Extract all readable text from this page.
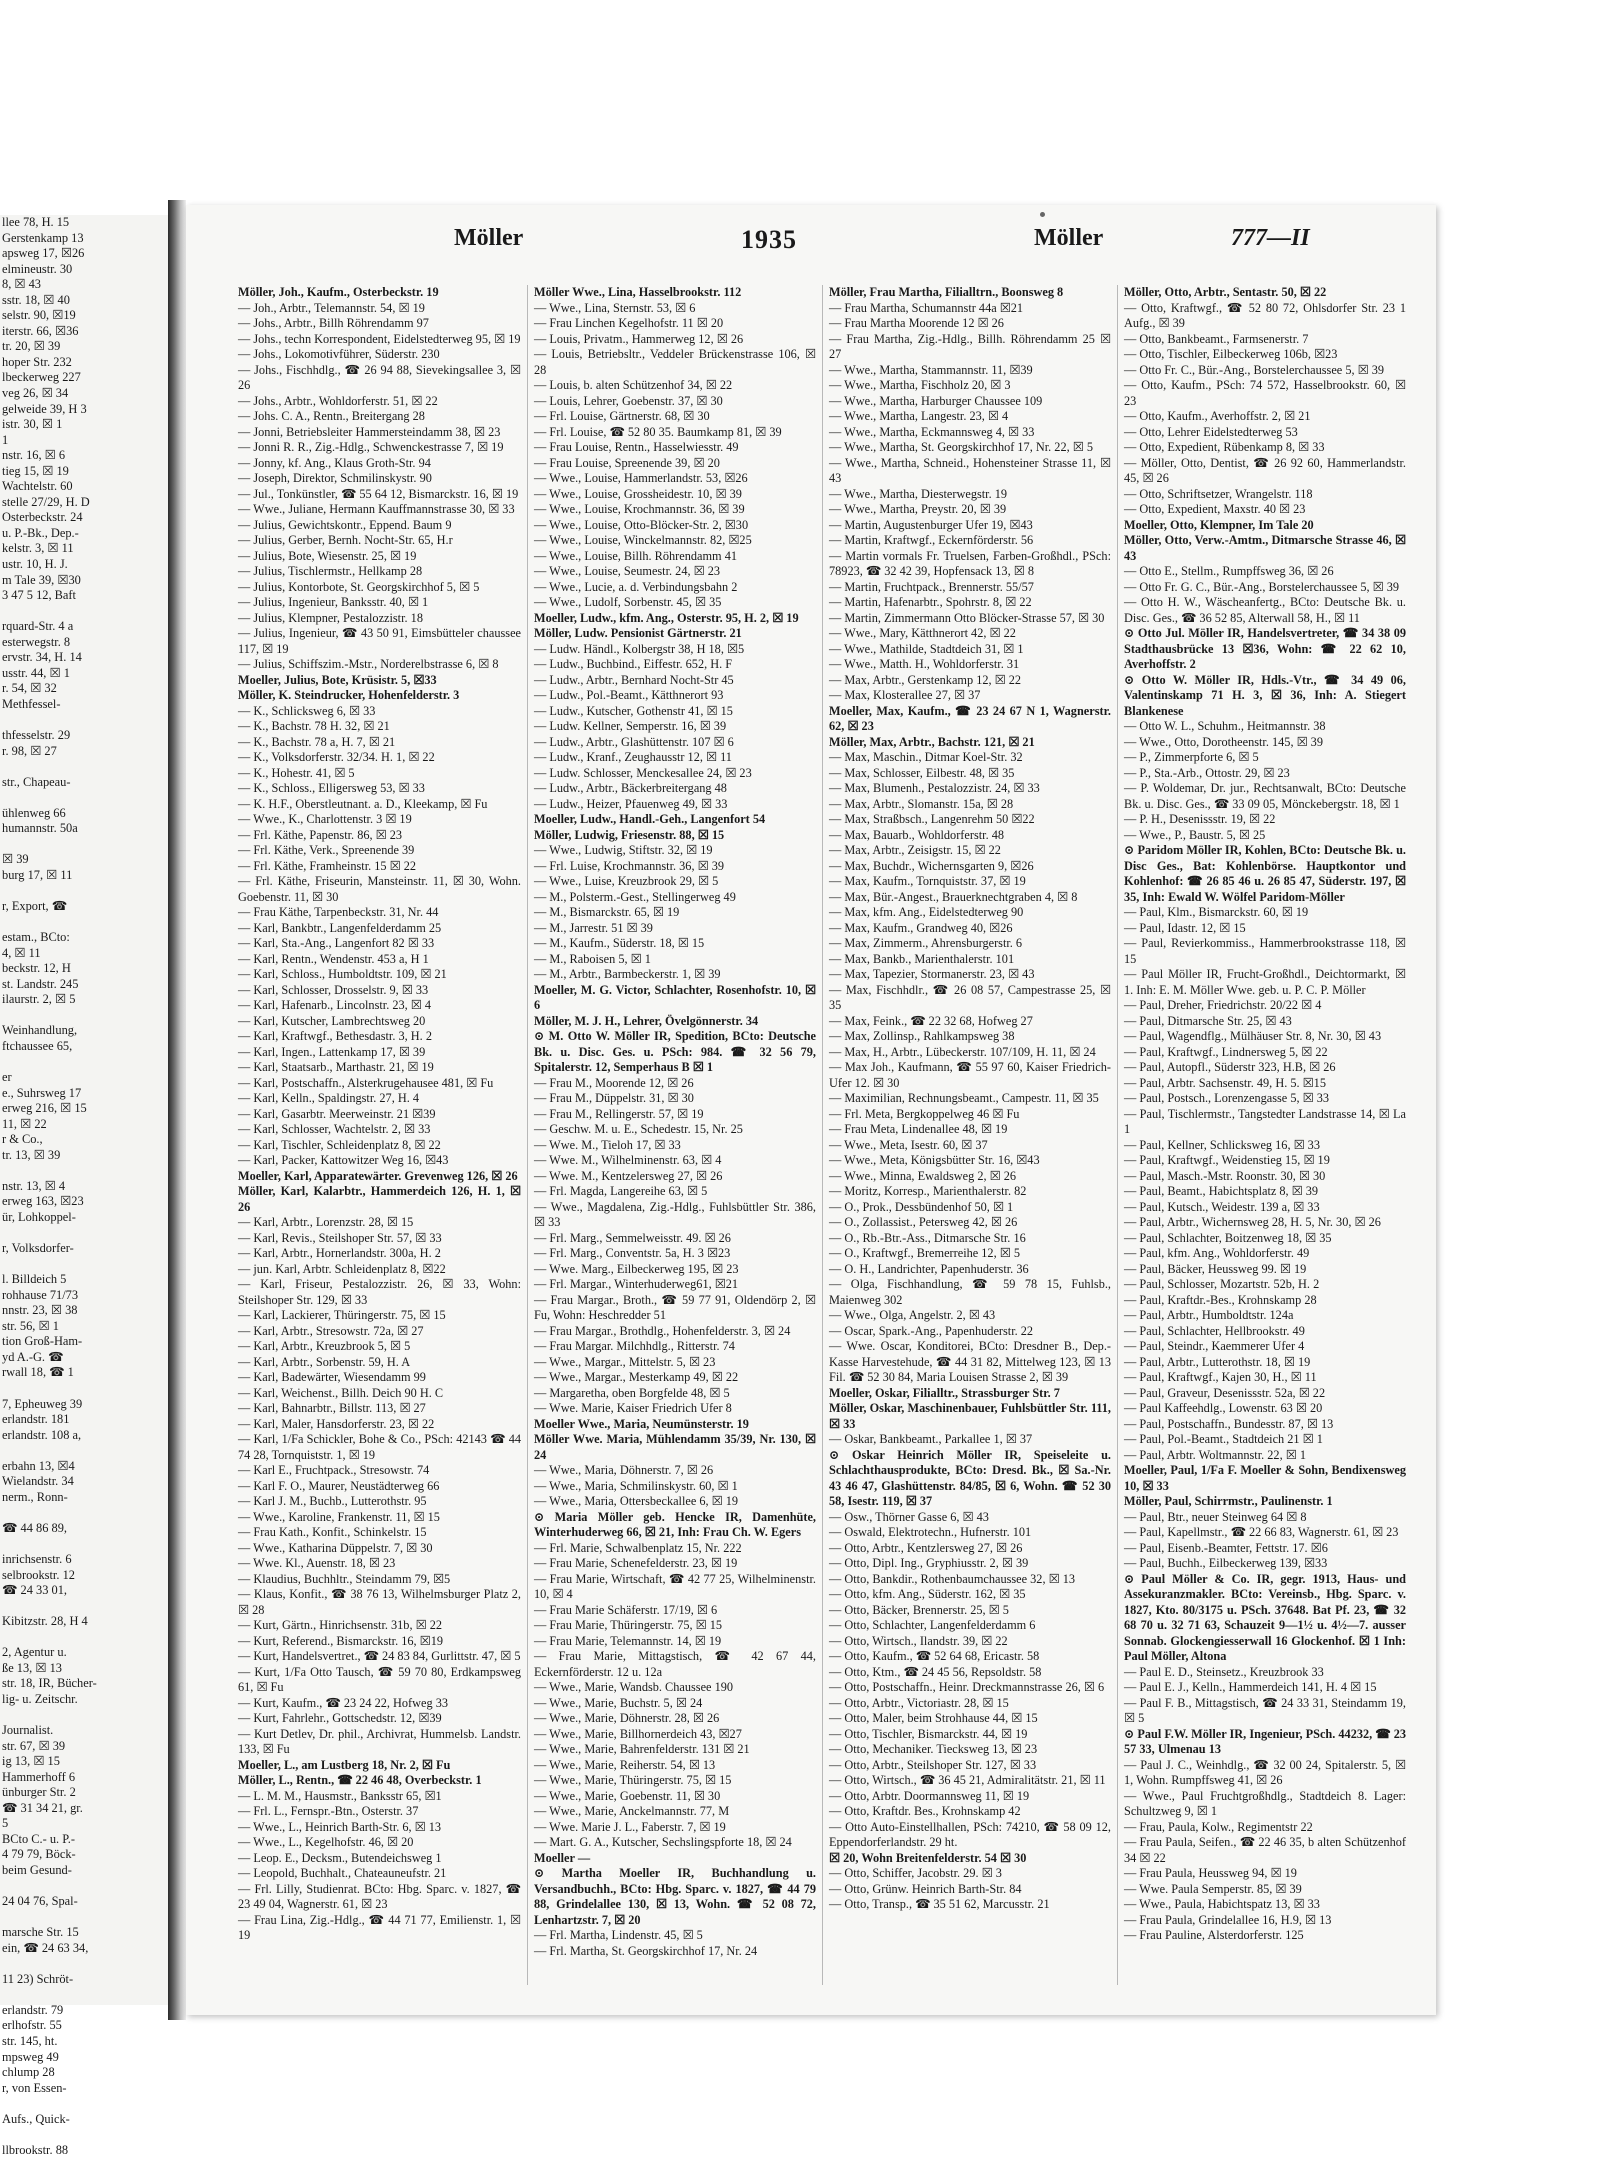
llee 78, H. 15
Gerstenkamp 13
apsweg 17, ☒26
elmineustr. 30
8, ☒ 43
sstr. 18, ☒ 40
selstr. 90, ☒19
iterstr. 66, ☒36
tr. 20, ☒ 39
hoper Str. 232
lbeckerweg 227
veg 26, ☒ 34
gelweide 39, H 3
istr. 30, ☒ 1
1
nstr. 16, ☒ 6
tieg 15, ☒ 19
Wachtelstr. 60
stelle 27/29, H. D
Osterbeckstr. 24
u. P.-Bk., Dep.-
kelstr. 3, ☒ 11
ustr. 10, H. J.
m Tale 39, ☒30
3 47 5 12, Baft

rquard-Str. 4 a
esterwegstr. 8
ervstr. 34, H. 14
usstr. 44, ☒ 1
r. 54, ☒ 32
Methfessel-

thfesselstr. 29
r. 98, ☒ 27

str., Chapeau-

ühlenweg 66
humannstr. 50a

☒ 39
burg 17, ☒ 11

r, Export, ☎

estam., BCto:
4, ☒ 11
beckstr. 12, H
st. Landstr. 245
ilaurstr. 2, ☒ 5

Weinhandlung,
ftchaussee 65,

er
e., Suhrsweg 17
erweg 216, ☒ 15
11, ☒ 22
r & Co.,
tr. 13, ☒ 39

nstr. 13, ☒ 4
erweg 163, ☒23
ür, Lohkoppel-

r, Volksdorfer-

l. Billdeich 5
rohhause 71/73
nnstr. 23, ☒ 38
str. 56, ☒ 1
tion Groß-Ham-
yd A.-G. ☎
rwall 18, ☎ 1

7, Epheuweg 39
erlandstr. 181
erlandstr. 108 a,

erbahn 13, ☒4
Wielandstr. 34
nerm., Ronn-

☎ 44 86 89,

inrichsenstr. 6
selbrookstr. 12
☎ 24 33 01,

Kibitzstr. 28, H 4

2, Agentur u.
ße 13, ☒ 13
str. 18, IR, Bücher-
lig- u. Zeitschr.

Journalist.
str. 67, ☒ 39
ig 13, ☒ 15
Hammerhoff 6
ünburger Str. 2
☎ 31 34 21, gr.
5
BCto C.- u. P.-
4 79 79, Böck-
beim Gesund-

24 04 76, Spal-

marsche Str. 15
ein, ☎ 24 63 34,

11 23) Schröt-

erlandstr. 79
erlhofstr. 55
str. 145, ht.
mpsweg 49
chlump 28
r, von Essen-

Aufs., Quick-

llbrookstr. 88
Möller	1935	Möller	777—II
Möller, Joh., Kaufm., Osterbeckstr. 19
— Joh., Arbtr., Telemannstr. 54, ☒ 19
— Johs., Arbtr., Billh Röhrendamm 97
— Johs., techn Korrespondent, Eidelstedterweg 95, ☒ 19
— Johs., Lokomotivführer, Süderstr. 230
— Johs., Fischhdlg., ☎ 26 94 88, Sievekingsallee 3, ☒ 26
— Johs., Arbtr., Wohldorferstr. 51, ☒ 22
— Johs. C. A., Rentn., Breitergang 28
— Jonni, Betriebsleiter Hammersteindamm 38, ☒ 23
— Jonni R. R., Zig.-Hdlg., Schwenckestrasse 7, ☒ 19
— Jonny, kf. Ang., Klaus Groth-Str. 94
— Joseph, Direktor, Schmilinskystr. 90
— Jul., Tonkünstler, ☎ 55 64 12, Bismarckstr. 16, ☒ 19
— Wwe., Juliane, Hermann Kauffmannstrasse 30, ☒ 33
— Julius, Gewichtskontr., Eppend. Baum 9
— Julius, Gerber, Bernh. Nocht-Str. 65, H.r
— Julius, Bote, Wiesenstr. 25, ☒ 19
— Julius, Tischlermstr., Hellkamp 28
— Julius, Kontorbote, St. Georgskirchhof 5, ☒ 5
— Julius, Ingenieur, Banksstr. 40, ☒ 1
— Julius, Klempner, Pestalozzistr. 18
— Julius, Ingenieur, ☎ 43 50 91, Eimsbütteler chaussee 117, ☒ 19
— Julius, Schiffszim.-Mstr., Norderelbstrasse 6, ☒ 8
Moeller, Julius, Bote, Krüsistr. 5, ☒33
Möller, K. Steindrucker, Hohenfelderstr. 3
— K., Schlicksweg 6, ☒ 33
— K., Bachstr. 78 H. 32, ☒ 21
— K., Bachstr. 78 a, H. 7, ☒ 21
— K., Volksdorferstr. 32/34. H. 1, ☒ 22
— K., Hohestr. 41, ☒ 5
— K., Schloss., Elligersweg 53, ☒ 33
— K. H.F., Oberstleutnant. a. D., Kleekamp, ☒ Fu
— Wwe., K., Charlottenstr. 3 ☒ 19
— Frl. Käthe, Papenstr. 86, ☒ 23
— Frl. Käthe, Verk., Spreenende 39
— Frl. Käthe, Framheinstr. 15 ☒ 22
— Frl. Käthe, Friseurin, Mansteinstr. 11, ☒ 30, Wohn. Goebenstr. 11, ☒ 30
— Frau Käthe, Tarpenbeckstr. 31, Nr. 44
— Karl, Bankbtr., Langenfelderdamm 25
— Karl, Sta.-Ang., Langenfort 82 ☒ 33
— Karl, Rentn., Wendenstr. 453 a, H 1
— Karl, Schloss., Humboldtstr. 109, ☒ 21
— Karl, Schlosser, Drosselstr. 9, ☒ 33
— Karl, Hafenarb., Lincolnstr. 23, ☒ 4
— Karl, Kutscher, Lambrechtsweg 20
— Karl, Kraftwgf., Bethesdastr. 3, H. 2
— Karl, Ingen., Lattenkamp 17, ☒ 39
— Karl, Staatsarb., Marthastr. 21, ☒ 19
— Karl, Postschaffn., Alsterkrugehausee 481, ☒ Fu
— Karl, Kelln., Spaldingstr. 27, H. 4
— Karl, Gasarbtr. Meerweinstr. 21 ☒39
— Karl, Schlosser, Wachtelstr. 2, ☒ 33
— Karl, Tischler, Schleidenplatz 8, ☒ 22
— Karl, Packer, Kattowitzer Weg 16, ☒43
Moeller, Karl, Apparatewärter. Grevenweg 126, ☒ 26
Möller, Karl, Kalarbtr., Hammerdeich 126, H. 1, ☒ 26
— Karl, Arbtr., Lorenzstr. 28, ☒ 15
— Karl, Revis., Steilshoper Str. 57, ☒ 33
— Karl, Arbtr., Hornerlandstr. 300a, H. 2
— jun. Karl, Arbtr. Schleidenplatz 8, ☒22
— Karl, Friseur, Pestalozzistr. 26, ☒ 33, Wohn: Steilshoper Str. 129, ☒ 33
— Karl, Lackierer, Thüringerstr. 75, ☒ 15
— Karl, Arbtr., Stresowstr. 72a, ☒ 27
— Karl, Arbtr., Kreuzbrook 5, ☒ 5
— Karl, Arbtr., Sorbenstr. 59, H. A
— Karl, Badewärter, Wiesendamm 99
— Karl, Weichenst., Billh. Deich 90 H. C
— Karl, Bahnarbtr., Billstr. 113, ☒ 27
— Karl, Maler, Hansdorferstr. 23, ☒ 22
— Karl, 1/Fa Schickler, Bohe & Co., PSch: 42143 ☎ 44 74 28, Tornquiststr. 1, ☒ 19
— Karl E., Fruchtpack., Stresowstr. 74
— Karl F. O., Maurer, Neustädterweg 66
— Karl J. M., Buchb., Lutterothstr. 95
— Wwe., Karoline, Frankenstr. 11, ☒ 15
— Frau Kath., Konfit., Schinkelstr. 15
— Wwe., Katharina Düppelstr. 7, ☒ 30
— Wwe. Kl., Auenstr. 18, ☒ 23
— Klaudius, Buchhltr., Steindamm 79, ☒5
— Klaus, Konfit., ☎ 38 76 13, Wilhelmsburger Platz 2, ☒ 28
— Kurt, Gärtn., Hinrichsenstr. 31b, ☒ 22
— Kurt, Referend., Bismarckstr. 16, ☒19
— Kurt, Handelsvertret., ☎ 24 83 84, Gurlittstr. 47, ☒ 5
— Kurt, 1/Fa Otto Tausch, ☎ 59 70 80, Erdkampsweg 61, ☒ Fu
— Kurt, Kaufm., ☎ 23 24 22, Hofweg 33
— Kurt, Fahrlehr., Gottschedstr. 12, ☒39
— Kurt Detlev, Dr. phil., Archivrat, Hummelsb. Landstr. 133, ☒ Fu
Moeller, L., am Lustberg 18, Nr. 2, ☒ Fu
Möller, L., Rentn., ☎ 22 46 48, Overbeckstr. 1
— L. M. M., Hausmstr., Banksstr 65, ☒1
— Frl. L., Fernspr.-Btn., Osterstr. 37
— Wwe., L., Heinrich Barth-Str. 6, ☒ 13
— Wwe., L., Kegelhofstr. 46, ☒ 20
— Leop. E., Decksm., Butendeichsweg 1
— Leopold, Buchhalt., Chateauneufstr. 21
— Frl. Lilly, Studienrat. BCto: Hbg. Sparc. v. 1827, ☎ 23 49 04, Wagnerstr. 61, ☒ 23
— Frau Lina, Zig.-Hdlg., ☎ 44 71 77, Emilienstr. 1, ☒ 19
Möller Wwe., Lina, Hasselbrookstr. 112
— Wwe., Lina, Sternstr. 53, ☒ 6
— Frau Linchen Kegelhofstr. 11 ☒ 20
— Louis, Privatm., Hammerweg 12, ☒ 26
— Louis, Betriebsltr., Veddeler Brückenstrasse 106, ☒ 28
— Louis, b. alten Schützenhof 34, ☒ 22
— Louis, Lehrer, Goebenstr. 37, ☒ 30
— Frl. Louise, Gärtnerstr. 68, ☒ 30
— Frl. Louise, ☎ 52 80 35. Baumkamp 81, ☒ 39
— Frau Louise, Rentn., Hasselwiesstr. 49
— Frau Louise, Spreenende 39, ☒ 20
— Wwe., Louise, Hammerlandstr. 53, ☒26
— Wwe., Louise, Grossheidestr. 10, ☒ 39
— Wwe., Louise, Krochmannstr. 36, ☒ 39
— Wwe., Louise, Otto-Blöcker-Str. 2, ☒30
— Wwe., Louise, Winckelmannstr. 82, ☒25
— Wwe., Louise, Billh. Röhrendamm 41
— Wwe., Louise, Seumestr. 24, ☒ 23
— Wwe., Lucie, a. d. Verbindungsbahn 2
— Wwe., Ludolf, Sorbenstr. 45, ☒ 35
Moeller, Ludw., kfm. Ang., Osterstr. 95, H. 2, ☒ 19
Möller, Ludw. Pensionist Gärtnerstr. 21
— Ludw. Händl., Kolbergstr 38, H 18, ☒5
— Ludw., Buchbind., Eiffestr. 652, H. F
— Ludw., Arbtr., Bernhard Nocht-Str 45
— Ludw., Pol.-Beamt., Kätthnerort 93
— Ludw., Kutscher, Gothenstr 41, ☒ 15
— Ludw. Kellner, Semperstr. 16, ☒ 39
— Ludw., Arbtr., Glashüttenstr. 107 ☒ 6
— Ludw., Kranf., Zeughausstr 12, ☒ 11
— Ludw. Schlosser, Menckesallee 24, ☒ 23
— Ludw., Arbtr., Bäckerbreitergang 48
— Ludw., Heizer, Pfauenweg 49, ☒ 33
Moeller, Ludw., Handl.-Geh., Langenfort 54
Möller, Ludwig, Friesenstr. 88, ☒ 15
— Wwe., Ludwig, Stiftstr. 32, ☒ 19
— Frl. Luise, Krochmannstr. 36, ☒ 39
— Wwe., Luise, Kreuzbrook 29, ☒ 5
— M., Polsterm.-Gest., Stellingerweg 49
— M., Bismarckstr. 65, ☒ 19
— M., Jarrestr. 51 ☒ 39
— M., Kaufm., Süderstr. 18, ☒ 15
— M., Raboisen 5, ☒ 1
— M., Arbtr., Barmbeckerstr. 1, ☒ 39
Moeller, M. G. Victor, Schlachter, Rosenhofstr. 10, ☒ 6
Möller, M. J. H., Lehrer, Övelgönnerstr. 34
⊙ M. Otto W. Möller IR, Spedition, BCto: Deutsche Bk. u. Disc. Ges. u. PSch: 984. ☎ 32 56 79, Spitalerstr. 12, Semperhaus B ☒ 1
— Frau M., Moorende 12, ☒ 26
— Frau M., Düppelstr. 31, ☒ 30
— Frau M., Rellingerstr. 57, ☒ 19
— Geschw. M. u. E., Schedestr. 15, Nr. 25
— Wwe. M., Tieloh 17, ☒ 33
— Wwe. M., Wilhelminenstr. 63, ☒ 4
— Wwe. M., Kentzelersweg 27, ☒ 26
— Frl. Magda, Langereihe 63, ☒ 5
— Wwe., Magdalena, Zig.-Hdlg., Fuhlsbüttler Str. 386, ☒ 33
— Frl. Marg., Semmelweisstr. 49. ☒ 26
— Frl. Marg., Conventstr. 5a, H. 3 ☒23
— Wwe. Marg., Eilbeckerweg 195, ☒ 23
— Frl. Margar., Winterhuderweg61, ☒21
— Frau Margar., Broth., ☎ 59 77 91, Oldendörp 2, ☒ Fu, Wohn: Heschredder 51
— Frau Margar., Brothdlg., Hohenfelderstr. 3, ☒ 24
— Frau Margar. Milchhdlg., Ritterstr. 74
— Wwe., Margar., Mittelstr. 5, ☒ 23
— Wwe., Margar., Mesterkamp 49, ☒ 22
— Margaretha, oben Borgfelde 48, ☒ 5
— Wwe. Marie, Kaiser Friedrich Ufer 8
Moeller Wwe., Maria, Neumünsterstr. 19
Möller Wwe. Maria, Mühlendamm 35/39, Nr. 130, ☒ 24
— Wwe., Maria, Döhnerstr. 7, ☒ 26
— Wwe., Maria, Schmilinskystr. 60, ☒ 1
— Wwe., Maria, Ottersbeckallee 6, ☒ 19
⊙ Maria Möller geb. Hencke IR, Damenhüte, Winterhuderweg 66, ☒ 21, Inh: Frau Ch. W. Egers
— Frl. Marie, Schwalbenplatz 15, Nr. 222
— Frau Marie, Schenefelderstr. 23, ☒ 19
— Frau Marie, Wirtschaft, ☎ 42 77 25, Wilhelminenstr. 10, ☒ 4
— Frau Marie Schäferstr. 17/19, ☒ 6
— Frau Marie, Thüringerstr. 75, ☒ 15
— Frau Marie, Telemannstr. 14, ☒ 19
— Frau Marie, Mittagstisch, ☎ 42 67 44, Eckernförderstr. 12 u. 12a
— Wwe., Marie, Wandsb. Chaussee 190
— Wwe., Marie, Buchstr. 5, ☒ 24
— Wwe., Marie, Döhnerstr. 28, ☒ 26
— Wwe., Marie, Billhornerdeich 43, ☒27
— Wwe., Marie, Bahrenfelderstr. 131 ☒ 21
— Wwe., Marie, Reiherstr. 54, ☒ 13
— Wwe., Marie, Thüringerstr. 75, ☒ 15
— Wwe., Marie, Goebenstr. 11, ☒ 30
— Wwe., Marie, Anckelmannstr. 77, M
— Wwe. Marie J. L., Faberstr. 7, ☒ 19
— Mart. G. A., Kutscher, Sechslingspforte 18, ☒ 24
Moeller —
⊙ Martha Moeller IR, Buchhandlung u. Versandbuchh., BCto: Hbg. Sparc. v. 1827, ☎ 44 79 88, Grindelallee 130, ☒ 13, Wohn. ☎ 52 08 72, Lenhartzstr. 7, ☒ 20
— Frl. Martha, Lindenstr. 45, ☒ 5
— Frl. Martha, St. Georgskirchhof 17, Nr. 24
Möller, Frau Martha, Filialltrn., Boonsweg 8
— Frau Martha, Schumannstr 44a ☒21
— Frau Martha Moorende 12 ☒ 26
— Frau Martha, Zig.-Hdlg., Billh. Röhrendamm 25 ☒ 27
— Wwe., Martha, Stammannstr. 11, ☒39
— Wwe., Martha, Fischholz 20, ☒ 3
— Wwe., Martha, Harburger Chaussee 109
— Wwe., Martha, Langestr. 23, ☒ 4
— Wwe., Martha, Eckmannsweg 4, ☒ 33
— Wwe., Martha, St. Georgskirchhof 17, Nr. 22, ☒ 5
— Wwe., Martha, Schneid., Hohensteiner Strasse 11, ☒ 43
— Wwe., Martha, Diesterwegstr. 19
— Wwe., Martha, Preystr. 20, ☒ 39
— Martin, Augustenburger Ufer 19, ☒43
— Martin, Kraftwgf., Eckernförderstr. 56
— Martin vormals Fr. Truelsen, Farben-Großhdl., PSch: 78923, ☎ 32 42 39, Hopfensack 13, ☒ 8
— Martin, Fruchtpack., Brennerstr. 55/57
— Martin, Hafenarbtr., Spohrstr. 8, ☒ 22
— Martin, Zimmermann Otto Blöcker-Strasse 57, ☒ 30
— Wwe., Mary, Kätthnerort 42, ☒ 22
— Wwe., Mathilde, Stadtdeich 31, ☒ 1
— Wwe., Matth. H., Wohldorferstr. 31
— Max, Arbtr., Gerstenkamp 12, ☒ 22
— Max, Klosterallee 27, ☒ 37
Moeller, Max, Kaufm., ☎ 23 24 67 N 1, Wagnerstr. 62, ☒ 23
Möller, Max, Arbtr., Bachstr. 121, ☒ 21
— Max, Maschin., Ditmar Koel-Str. 32
— Max, Schlosser, Eilbestr. 48, ☒ 35
— Max, Blumenh., Pestalozzistr. 24, ☒ 33
— Max, Arbtr., Slomanstr. 15a, ☒ 28
— Max, Straßbsch., Langenrehm 50 ☒22
— Max, Bauarb., Wohldorferstr. 48
— Max, Arbtr., Zeisigstr. 15, ☒ 22
— Max, Buchdr., Wichernsgarten 9, ☒26
— Max, Kaufm., Tornquiststr. 37, ☒ 19
— Max, Bür.-Angest., Brauerknechtgraben 4, ☒ 8
— Max, kfm. Ang., Eidelstedterweg 90
— Max, Kaufm., Grandweg 40, ☒26
— Max, Zimmerm., Ahrensburgerstr. 6
— Max, Bankb., Marienthalerstr. 101
— Max, Tapezier, Stormanerstr. 23, ☒ 43
— Max, Fischhdlr., ☎ 26 08 57, Campestrasse 25, ☒ 35
— Max, Feink., ☎ 22 32 68, Hofweg 27
— Max, Zollinsp., Rahlkampsweg 38
— Max, H., Arbtr., Lübeckerstr. 107/109, H. 11, ☒ 24
— Max Joh., Kaufmann, ☎ 55 97 60, Kaiser Friedrich-Ufer 12. ☒ 30
— Maximilian, Rechnungsbeamt., Campestr. 11, ☒ 35
— Frl. Meta, Bergkoppelweg 46 ☒ Fu
— Frau Meta, Lindenallee 48, ☒ 19
— Wwe., Meta, Isestr. 60, ☒ 37
— Wwe., Meta, Königsbütter Str. 16, ☒43
— Wwe., Minna, Ewaldsweg 2, ☒ 26
— Moritz, Korresp., Marienthalerstr. 82
— O., Prok., Dessbündenhof 50, ☒ 1
— O., Zollassist., Petersweg 42, ☒ 26
— O., Rb.-Btr.-Ass., Ditmarsche Str. 16
— O., Kraftwgf., Bremerreihe 12, ☒ 5
— O. H., Landrichter, Papenhuderstr. 36
— Olga, Fischhandlung, ☎ 59 78 15, Fuhlsb., Maienweg 302
— Wwe., Olga, Angelstr. 2, ☒ 43
— Oscar, Spark.-Ang., Papenhuderstr. 22
— Wwe. Oscar, Konditorei, BCto: Dresdner B., Dep.-Kasse Harvestehude, ☎ 44 31 82, Mittelweg 123, ☒ 13 Fil. ☎ 52 30 84, Maria Louisen Strasse 2, ☒ 39
Moeller, Oskar, Filialltr., Strassburger Str. 7
Möller, Oskar, Maschinenbauer, Fuhlsbüttler Str. 111, ☒ 33
— Oskar, Bankbeamt., Parkallee 1, ☒ 37
⊙ Oskar Heinrich Möller IR, Speiseleite u. Schlachthausprodukte, BCto: Dresd. Bk., ☒ Sa.-Nr. 43 46 47, Glashüttenstr. 84/85, ☒ 6, Wohn. ☎ 52 30 58, Isestr. 119, ☒ 37
— Osw., Thörner Gasse 6, ☒ 43
— Oswald, Elektrotechn., Hufnerstr. 101
— Otto, Arbtr., Kentzlersweg 27, ☒ 26
— Otto, Dipl. Ing., Gryphiusstr. 2, ☒ 39
— Otto, Bankdir., Rothenbaumchaussee 32, ☒ 13
— Otto, kfm. Ang., Süderstr. 162, ☒ 35
— Otto, Bäcker, Brennerstr. 25, ☒ 5
— Otto, Schlachter, Langenfelderdamm 6
— Otto, Wirtsch., Ilandstr. 39, ☒ 22
— Otto, Kaufm., ☎ 52 64 68, Ericastr. 58
— Otto, Ktm., ☎ 24 45 56, Repsoldstr. 58
— Otto, Postschaffn., Heinr. Dreckmannstrasse 26, ☒ 6
— Otto, Arbtr., Victoriastr. 28, ☒ 15
— Otto, Maler, beim Strohhause 44, ☒ 15
— Otto, Tischler, Bismarckstr. 44, ☒ 19
— Otto, Mechaniker. Tiecksweg 13, ☒ 23
— Otto, Arbtr., Steilshoper Str. 127, ☒ 33
— Otto, Wirtsch., ☎ 36 45 21, Admiralitätstr. 21, ☒ 11
— Otto, Arbtr. Doormannsweg 11, ☒ 19
— Otto, Kraftdr. Bes., Krohnskamp 42
— Otto Auto-Einstellhallen, PSch: 74210, ☎ 58 09 12, Eppendorferlandstr. 29 ht.
☒ 20, Wohn Breitenfelderstr. 54 ☒ 30
— Otto, Schiffer, Jacobstr. 29. ☒ 3
— Otto, Grünw. Heinrich Barth-Str. 84
— Otto, Transp., ☎ 35 51 62, Marcusstr. 21
Möller, Otto, Arbtr., Sentastr. 50, ☒ 22
— Otto, Kraftwgf., ☎ 52 80 72, Ohlsdorfer Str. 23 1 Aufg., ☒ 39
— Otto, Bankbeamt., Farmsenerstr. 7
— Otto, Tischler, Eilbeckerweg 106b, ☒23
— Otto Fr. C., Bür.-Ang., Borstelerchaussee 5, ☒ 39
— Otto, Kaufm., PSch: 74 572, Hasselbrookstr. 60, ☒ 23
— Otto, Kaufm., Averhoffstr. 2, ☒ 21
— Otto, Lehrer Eidelstedterweg 53
— Otto, Expedient, Rübenkamp 8, ☒ 33
— Möller, Otto, Dentist, ☎ 26 92 60, Hammerlandstr. 45, ☒ 26
— Otto, Schriftsetzer, Wrangelstr. 118
— Otto, Expedient, Maxstr. 40 ☒ 23
Moeller, Otto, Klempner, Im Tale 20
Möller, Otto, Verw.-Amtm., Ditmarsche Strasse 46, ☒ 43
— Otto E., Stellm., Rumpffsweg 36, ☒ 26
— Otto Fr. G. C., Bür.-Ang., Borstelerchaussee 5, ☒ 39
— Otto H. W., Wäscheanfertg., BCto: Deutsche Bk. u. Disc. Ges., ☎ 36 52 85, Alterwall 58, H., ☒ 11
⊙ Otto Jul. Möller IR, Handelsvertreter, ☎ 34 38 09 Stadthausbrücke 13 ☒36, Wohn: ☎ 22 62 10, Averhoffstr. 2
⊙ Otto W. Möller IR, Hdls.-Vtr., ☎ 34 49 06, Valentinskamp 71 H. 3, ☒ 36, Inh: A. Stiegert Blankenese
— Otto W. L., Schuhm., Heitmannstr. 38
— Wwe., Otto, Dorotheenstr. 145, ☒ 39
— P., Zimmerpforte 6, ☒ 5
— P., Sta.-Arb., Ottostr. 29, ☒ 23
— P. Woldemar, Dr. jur., Rechtsanwalt, BCto: Deutsche Bk. u. Disc. Ges., ☎ 33 09 05, Mönckebergstr. 18, ☒ 1
— P. H., Desenissstr. 19, ☒ 22
— Wwe., P., Baustr. 5, ☒ 25
⊙ Paridom Möller IR, Kohlen, BCto: Deutsche Bk. u. Disc Ges., Bat: Kohlenbörse. Hauptkontor und Kohlenhof: ☎ 26 85 46 u. 26 85 47, Süderstr. 197, ☒ 35, Inh: Ewald W. Wölfel Paridom-Möller
— Paul, Klm., Bismarckstr. 60, ☒ 19
— Paul, Idastr. 12, ☒ 15
— Paul, Revierkommiss., Hammerbrookstrasse 118, ☒ 15
— Paul Möller IR, Frucht-Großhdl., Deichtormarkt, ☒ 1. Inh: E. M. Möller Wwe. geb. u. P. C. P. Möller
— Paul, Dreher, Friedrichstr. 20/22 ☒ 4
— Paul, Ditmarsche Str. 25, ☒ 43
— Paul, Wagendflg., Mülhäuser Str. 8, Nr. 30, ☒ 43
— Paul, Kraftwgf., Lindnersweg 5, ☒ 22
— Paul, Autopfl., Süderstr 323, H.B, ☒ 26
— Paul, Arbtr. Sachsenstr. 49, H. 5. ☒15
— Paul, Postsch., Lorenzengasse 5, ☒ 33
— Paul, Tischlermstr., Tangstedter Landstrasse 14, ☒ La 1
— Paul, Kellner, Schlicksweg 16, ☒ 33
— Paul, Kraftwgf., Weidenstieg 15, ☒ 19
— Paul, Masch.-Mstr. Roonstr. 30, ☒ 30
— Paul, Beamt., Habichtsplatz 8, ☒ 39
— Paul, Kutsch., Weidestr. 139 a, ☒ 33
— Paul, Arbtr., Wichernsweg 28, H. 5, Nr. 30, ☒ 26
— Paul, Schlachter, Boitzenweg 18, ☒ 35
— Paul, kfm. Ang., Wohldorferstr. 49
— Paul, Bäcker, Heussweg 99. ☒ 19
— Paul, Schlosser, Mozartstr. 52b, H. 2
— Paul, Kraftdr.-Bes., Krohnskamp 28
— Paul, Arbtr., Humboldtstr. 124a
— Paul, Schlachter, Hellbrookstr. 49
— Paul, Steindr., Kaemmerer Ufer 4
— Paul, Arbtr., Lutterothstr. 18, ☒ 19
— Paul, Kraftwgf., Kajen 30, H., ☒ 11
— Paul, Graveur, Desenissstr. 52a, ☒ 22
— Paul Kaffeehdlg., Lowenstr. 63 ☒ 20
— Paul, Postschaffn., Bundesstr. 87, ☒ 13
— Paul, Pol.-Beamt., Stadtdeich 21 ☒ 1
— Paul, Arbtr. Woltmannstr. 22, ☒ 1
Moeller, Paul, 1/Fa F. Moeller & Sohn, Bendixensweg 10, ☒ 33
Möller, Paul, Schirrmstr., Paulinenstr. 1
— Paul, Btr., neuer Steinweg 64 ☒ 8
— Paul, Kapellmstr., ☎ 22 66 83, Wagnerstr. 61, ☒ 23
— Paul, Eisenb.-Beamter, Fettstr. 17. ☒6
— Paul, Buchh., Eilbeckerweg 139, ☒33
⊙ Paul Möller & Co. IR, gegr. 1913, Haus- und Assekuranzmakler. BCto: Vereinsb., Hbg. Sparc. v. 1827, Kto. 80/3175 u. PSch. 37648. Bat Pf. 23, ☎ 32 68 70 u. 32 71 63, Schauzeit 9—1½ u. 4½—7. ausser Sonnab. Glockengiesserwall 16 Glockenhof. ☒ 1 Inh: Paul Möller, Altona
— Paul E. D., Steinsetz., Kreuzbrook 33
— Paul E. J., Kelln., Hammerdeich 141, H. 4 ☒ 15
— Paul F. B., Mittagstisch, ☎ 24 33 31, Steindamm 19, ☒ 5
⊙ Paul F.W. Möller IR, Ingenieur, PSch. 44232, ☎ 23 57 33, Ulmenau 13
— Paul J. C., Weinhdlg., ☎ 32 00 24, Spitalerstr. 5, ☒ 1, Wohn. Rumpffsweg 41, ☒ 26
— Wwe., Paul Fruchtgroßhdlg., Stadtdeich 8. Lager: Schultzweg 9, ☒ 1
— Frau, Paula, Kolw., Regimentstr 22
— Frau Paula, Seifen., ☎ 22 46 35, b alten Schützenhof 34 ☒ 22
— Frau Paula, Heussweg 94, ☒ 19
— Wwe. Paula Semperstr. 85, ☒ 39
— Wwe., Paula, Habichtspatz 13, ☒ 33
— Frau Paula, Grindelallee 16, H.9, ☒ 13
— Frau Pauline, Alsterdorferstr. 125
